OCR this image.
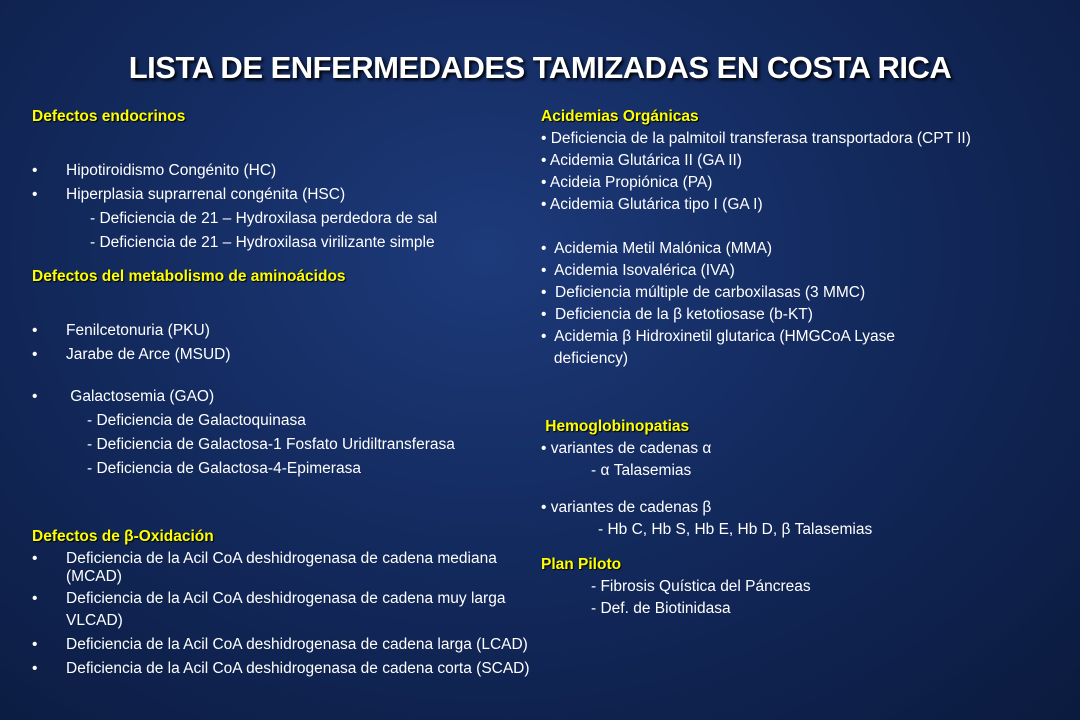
LISTA DE ENFERMEDADES TAMIZADAS EN COSTA RICA
Defectos endocrinos
• Hipotiroidismo Congénito (HC)
• Hiperplasia suprarrenal congénita (HSC)
- Deficiencia de 21 – Hydroxilasa perdedora de sal
- Deficiencia de 21 – Hydroxilasa virilizante simple
Defectos del metabolismo de aminoácidos
• Fenilcetonuria (PKU)
• Jarabe de Arce (MSUD)
•  Galactosemia (GAO)
- Deficiencia de Galactoquinasa
- Deficiencia de Galactosa-1 Fosfato Uridiltransferasa
- Deficiencia de Galactosa-4-Epimerasa
Defectos de β-Oxidación
• Deficiencia de la Acil CoA deshidrogenasa de cadena mediana (MCAD)
• Deficiencia de la Acil CoA deshidrogenasa de cadena muy larga VLCAD)
• Deficiencia de la Acil CoA deshidrogenasa de cadena larga (LCAD)
• Deficiencia de la Acil CoA deshidrogenasa de cadena corta (SCAD)
Acidemias Orgánicas
• Deficiencia de la palmitoil transferasa transportadora (CPT II)
• Acidemia Glutárica II (GA II)
• Acideia Propiónica (PA)
• Acidemia Glutárica tipo I (GA I)
•  Acidemia Metil Malónica (MMA)
•  Acidemia Isovalérica (IVA)
•  Deficiencia múltiple de carboxilasas (3 MMC)
•  Deficiencia de la β ketotiosase (b-KT)
•  Acidemia β Hidroxinetil glutarica (HMGCoA Lyase
deficiency)
Hemoglobinopatias
• variantes de cadenas α
- α Talasemias
• variantes de cadenas β
- Hb C, Hb S, Hb E, Hb D, β Talasemias
Plan Piloto
- Fibrosis Quística del Páncreas
- Def. de Biotinidasa
